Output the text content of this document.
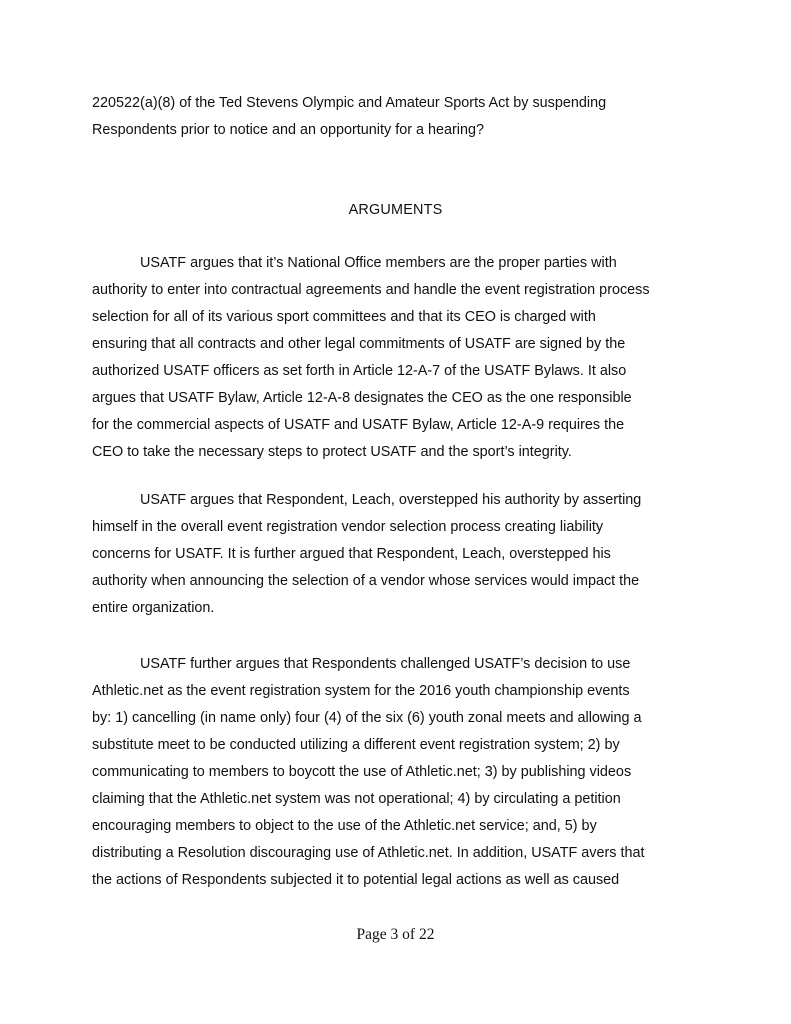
220522(a)(8) of the Ted Stevens Olympic and Amateur Sports Act by suspending
Respondents prior to notice and an opportunity for a hearing?
ARGUMENTS
USATF argues that it’s National Office members are the proper parties with
authority to enter into contractual agreements and handle the event registration process
selection for all of its various sport committees and that its CEO is charged with
ensuring that all contracts and other legal commitments of USATF are signed by the
authorized USATF officers as set forth in Article 12-A-7 of the USATF Bylaws. It also
argues that USATF Bylaw, Article 12-A-8 designates the CEO as the one responsible
for the commercial aspects of USATF and USATF Bylaw, Article 12-A-9 requires the
CEO to take the necessary steps to protect USATF and the sport’s integrity.
USATF argues that Respondent, Leach, overstepped his authority by asserting
himself in the overall event registration vendor selection process creating liability
concerns for USATF. It is further argued that Respondent, Leach, overstepped his
authority when announcing the selection of a vendor whose services would impact the
entire organization.
USATF further argues that Respondents challenged USATF’s decision to use
Athletic.net as the event registration system for the 2016 youth championship events
by: 1) cancelling (in name only) four (4) of the six (6) youth zonal meets and allowing a
substitute meet to be conducted utilizing a different event registration system; 2) by
communicating to members to boycott the use of Athletic.net; 3) by publishing videos
claiming that the Athletic.net system was not operational; 4) by circulating a petition
encouraging members to object to the use of the Athletic.net service; and, 5) by
distributing a Resolution discouraging use of Athletic.net. In addition, USATF avers that
the actions of Respondents subjected it to potential legal actions as well as caused
Page 3 of 22
